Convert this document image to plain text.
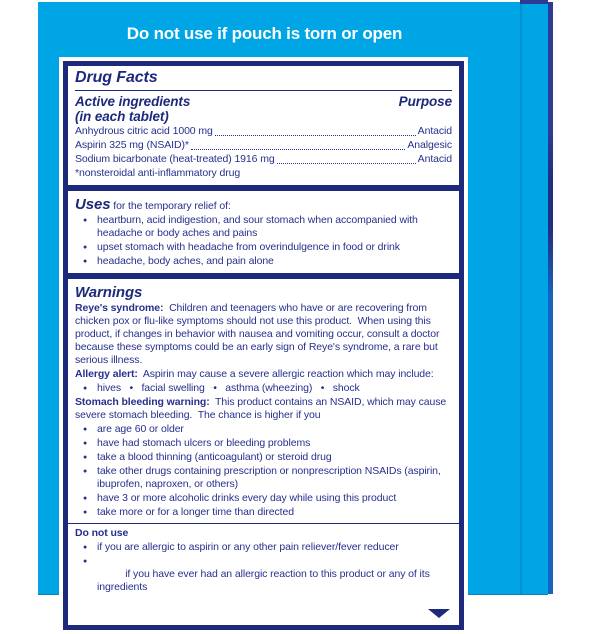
Do not use if pouch is torn or open
Drug Facts
Active ingredients
(in each tablet)
Purpose
Anhydrous citric acid 1000 mg	Antacid
Aspirin 325 mg (NSAID)*	Analgesic
Sodium bicarbonate (heat-treated) 1916 mg	Antacid
*nonsteroidal anti-inflammatory drug
Uses for the temporary relief of:
● heartburn, acid indigestion, and sour stomach when accompanied with headache or body aches and pains
● upset stomach with headache from overindulgence in food or drink
● headache, body aches, and pain alone
Warnings
Reye's syndrome:  Children and teenagers who have or are recovering from chicken pox or flu-like symptoms should not use this product.  When using this product, if changes in behavior with nausea and vomiting occur, consult a doctor because these symptoms could be an early sign of Reye's syndrome, a rare but serious illness.
Allergy alert:  Aspirin may cause a severe allergic reaction which may include:
● hives   •   facial swelling   •   asthma (wheezing)   •   shock
Stomach bleeding warning:  This product contains an NSAID, which may cause severe stomach bleeding.  The chance is higher if you
● are age 60 or older
● have had stomach ulcers or bleeding problems
● take a blood thinning (anticoagulant) or steroid drug
● take other drugs containing prescription or nonprescription NSAIDs (aspirin, ibuprofen, naproxen, or others)
● have 3 or more alcoholic drinks every day while using this product
● take more or for a longer time than directed
Do not use
● if you are allergic to aspirin or any other pain reliever/fever reducer

● if you have ever had an allergic reaction to this product or any of its ingredients
